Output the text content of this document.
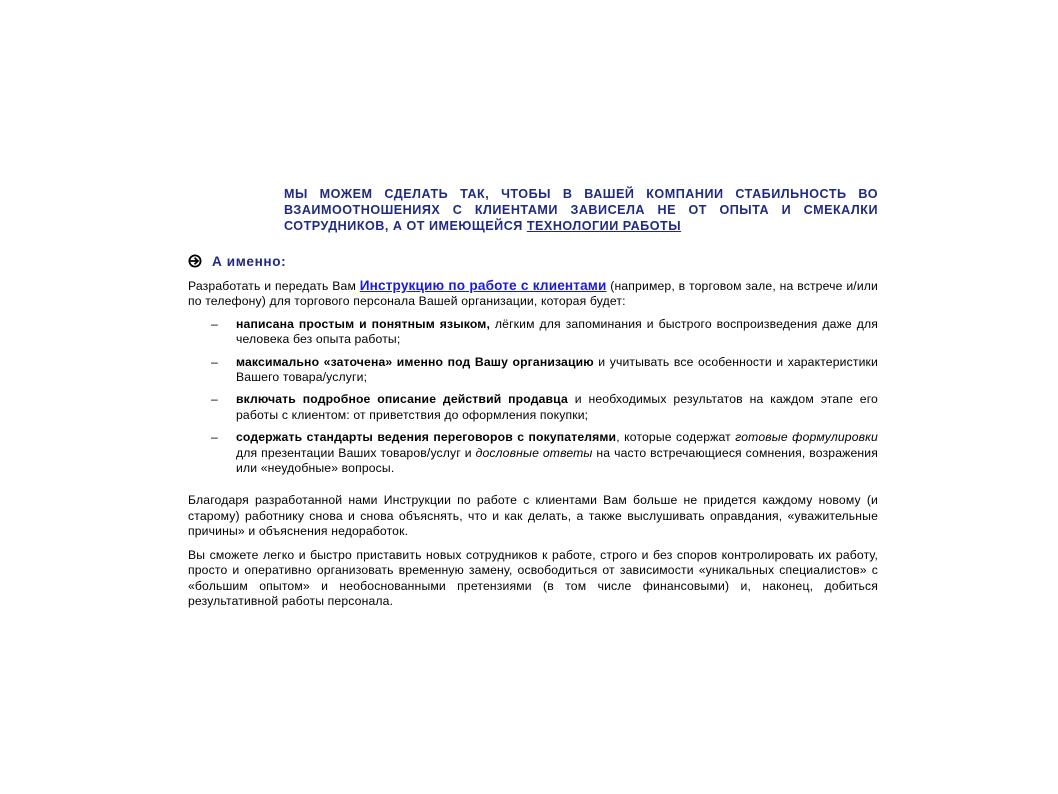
МЫ МОЖЕМ СДЕЛАТЬ ТАК, ЧТОБЫ В ВАШЕЙ КОМПАНИИ СТАБИЛЬНОСТЬ ВО ВЗАИМООТНОШЕНИЯХ С КЛИЕНТАМИ ЗАВИСЕЛА НЕ ОТ ОПЫТА И СМЕКАЛКИ СОТРУДНИКОВ, А ОТ ИМЕЮЩЕЙСЯ ТЕХНОЛОГИИ РАБОТЫ
А именно:
Разработать и передать Вам Инструкцию по работе с клиентами (например, в торговом зале, на встрече и/или по телефону) для торгового персонала Вашей организации, которая будет:
– написана простым и понятным языком, лёгким для запоминания и быстрого воспроизведения даже для человека без опыта работы;
– максимально «заточена» именно под Вашу организацию и учитывать все особенности и характеристики Вашего товара/услуги;
– включать подробное описание действий продавца и необходимых результатов на каждом этапе его работы с клиентом: от приветствия до оформления покупки;
– содержать стандарты ведения переговоров с покупателями, которые содержат готовые формулировки для презентации Ваших товаров/услуг и дословные ответы на часто встречающиеся сомнения, возражения или «неудобные» вопросы.
Благодаря разработанной нами Инструкции по работе с клиентами Вам больше не придется каждому новому (и старому) работнику снова и снова объяснять, что и как делать, а также выслушивать оправдания, «уважительные причины» и объяснения недоработок.
Вы сможете легко и быстро приставить новых сотрудников к работе, строго и без споров контролировать их работу, просто и оперативно организовать временную замену, освободиться от зависимости «уникальных специалистов» с «большим опытом» и необоснованными претензиями (в том числе финансовыми) и, наконец, добиться результативной работы персонала.
